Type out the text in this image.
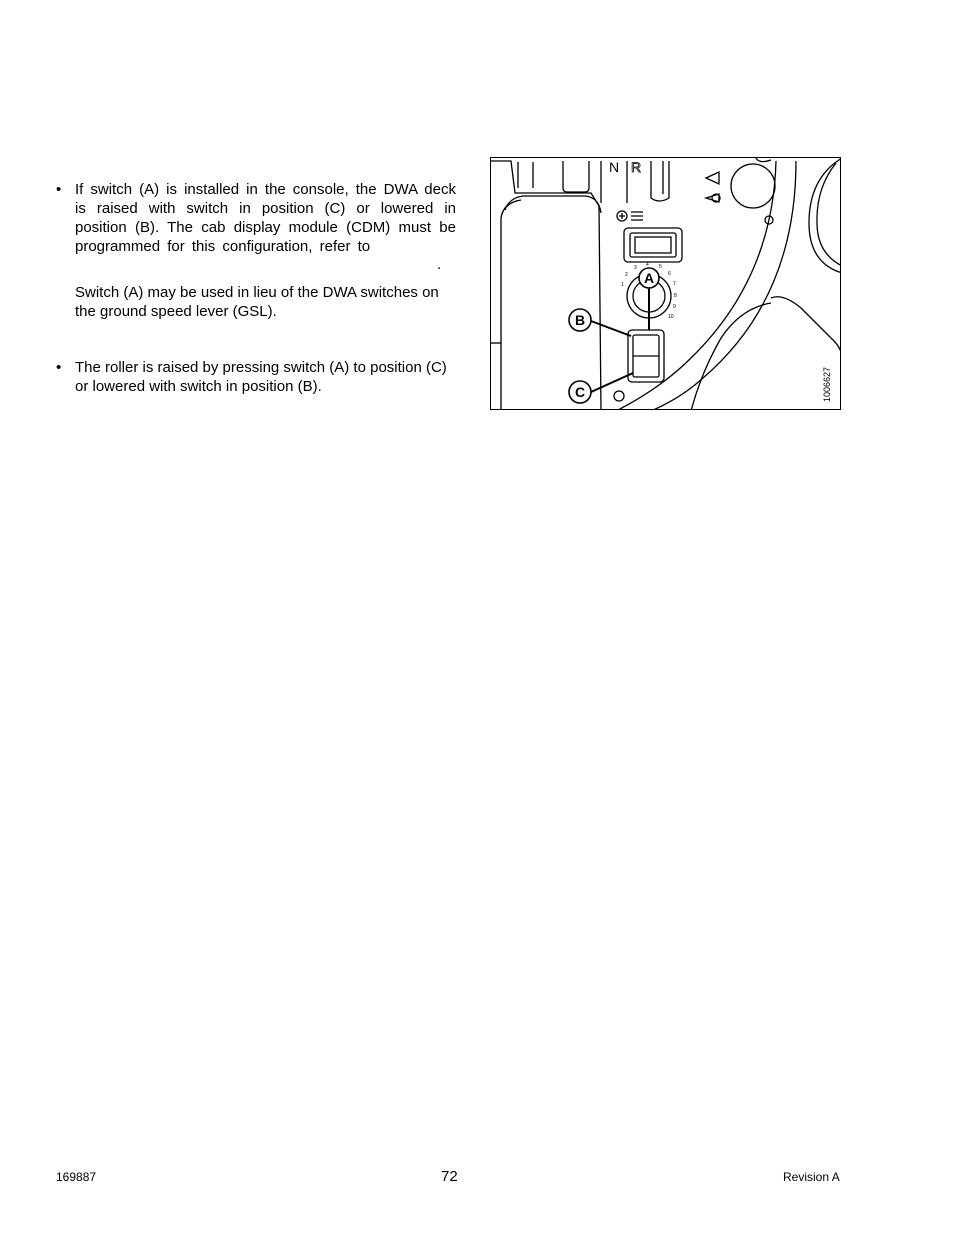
• If switch (A) is installed in the console, the DWA deck
is raised with switch in position (C) or lowered in
position (B). The cab display module (CDM) must be
programmed for this configuration, refer to
.
Switch (A) may be used in lieu of the DWA switches on the ground speed lever (GSL).
• The roller is raised by pressing switch (A) to position (C) or lowered with switch in position (B).
1
2
3 4 5
6
7
8
9
10
N R
A
B
C	1006627
169887	72	Revision A
